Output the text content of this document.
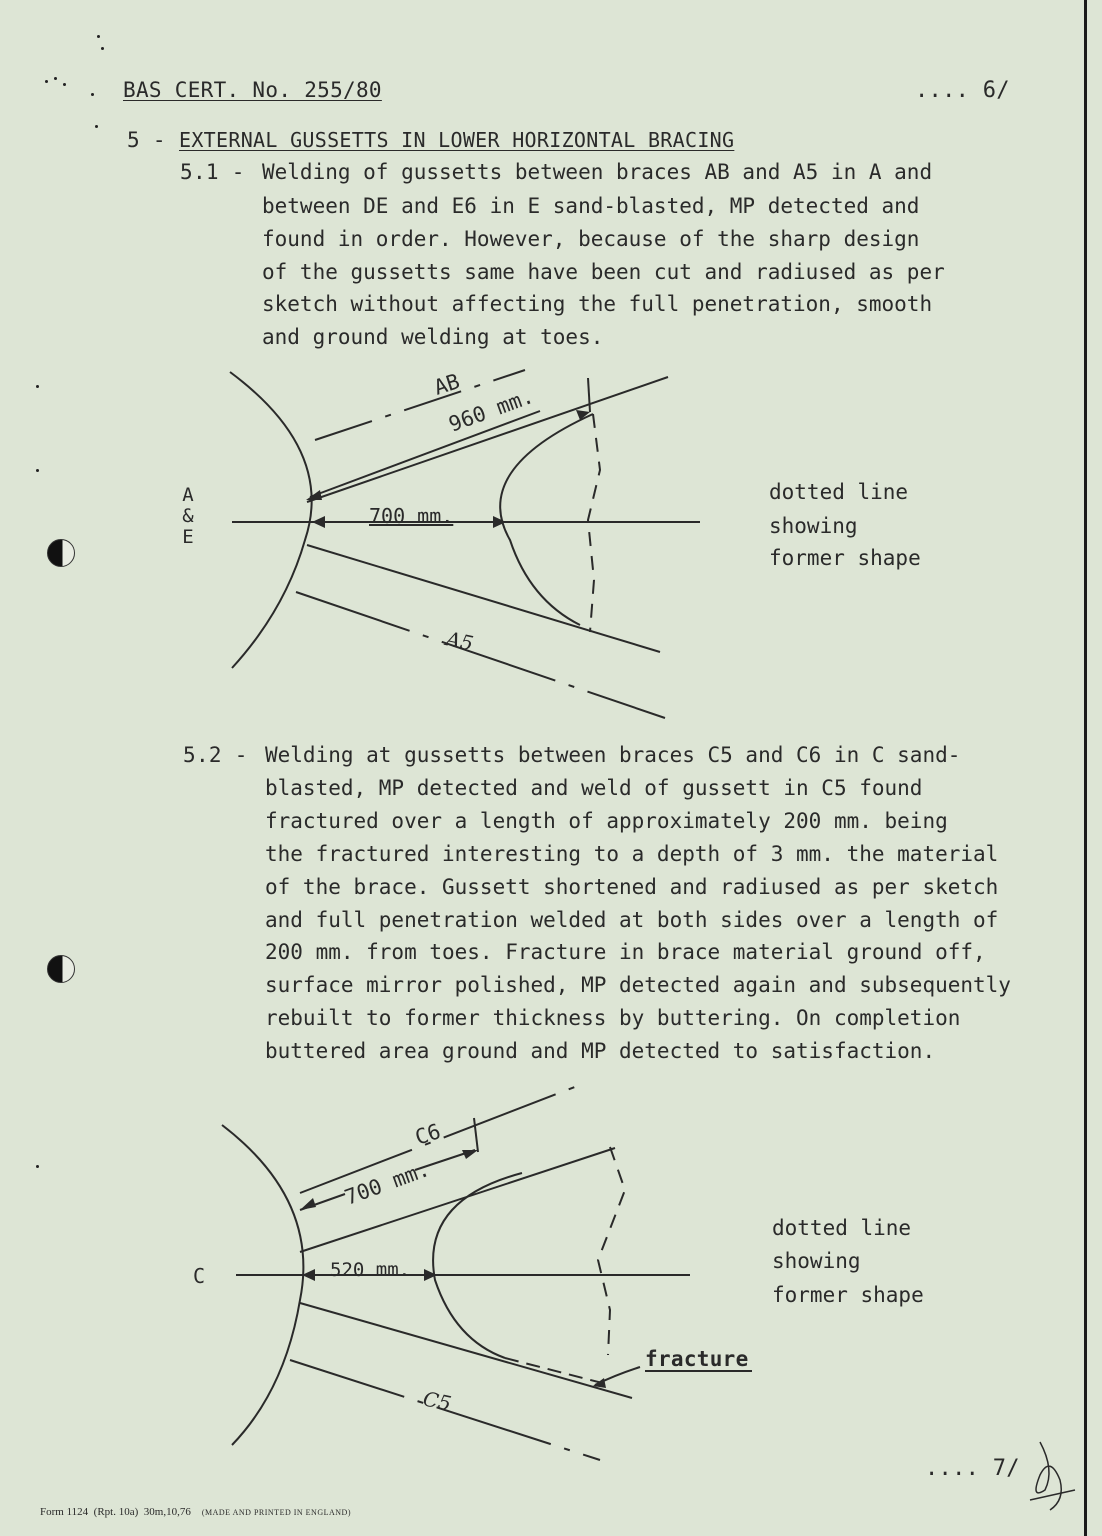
BAS CERT. No. 255/80	.... 6/
5 - EXTERNAL GUSSETTS IN LOWER HORIZONTAL BRACING
5.1 - Welding of gussetts between braces AB and A5 in A and
between DE and E6 in E sand-blasted, MP detected and
found in order. However, because of the sharp design
of the gussetts same have been cut and radiused as per
sketch without affecting the full penetration, smooth
and ground welding at toes.
AB
960 mm.
700 mm.
A5
A
&
E
dotted line
showing
former shape
5.2 - Welding at gussetts between braces C5 and C6 in C sand-
blasted, MP detected and weld of gussett in C5 found
fractured over a length of approximately 200 mm. being
the fractured interesting to a depth of 3 mm. the material
of the brace. Gussett shortened and radiused as per sketch
and full penetration welded at both sides over a length of
200 mm. from toes. Fracture in brace material ground off,
surface mirror polished, MP detected again and subsequently
rebuilt to former thickness by buttering. On completion
buttered area ground and MP detected to satisfaction.
C6
700 mm.
520 mm.
C5
C
fracture
dotted line
showing
former shape
.... 7/
Form 1124  (Rpt. 10a)  30m,10,76 (MADE AND PRINTED IN ENGLAND)
